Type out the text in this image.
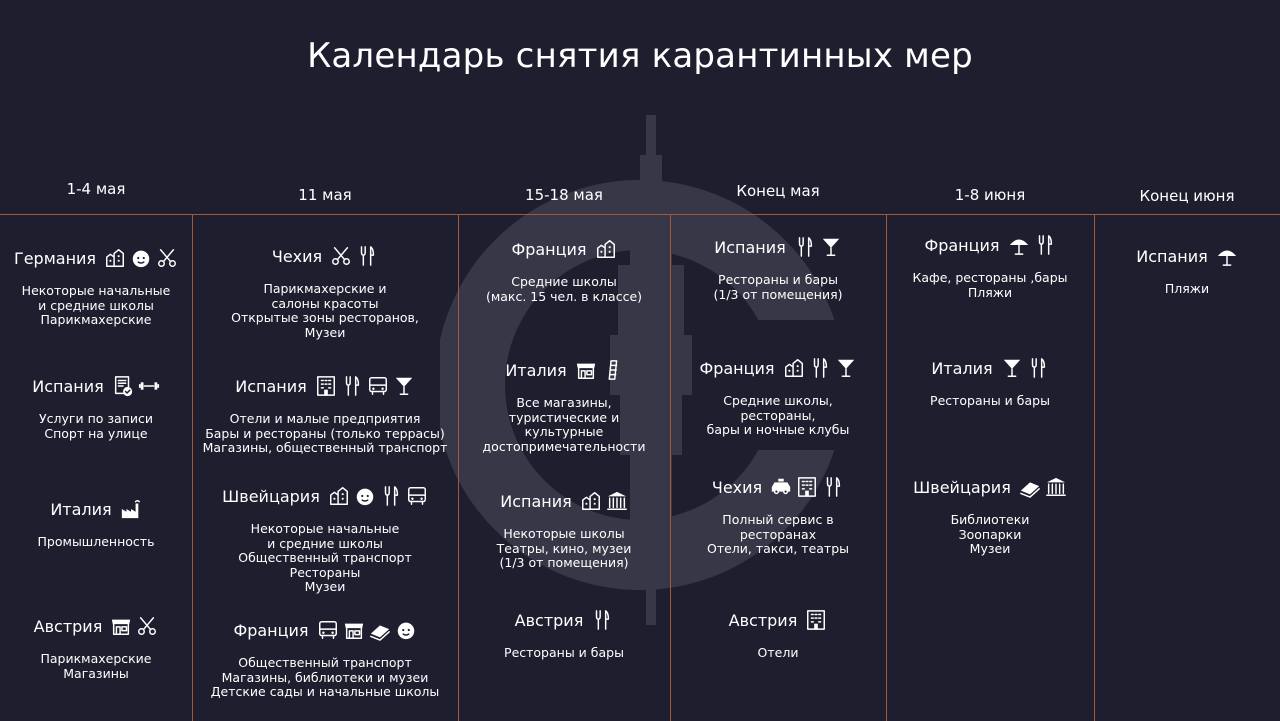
Календарь снятия карантинных мер
1-4 мая
Германия
Некоторые начальные
и средние школы
Парикмахерские
Испания
Услуги по записи
Спорт на улице
Италия
Промышленность
Австрия
Парикмахерские
Магазины
11 мая
Чехия
Парикмахерские и
салоны красоты
Открытые зоны ресторанов,
Музеи
Испания
Отели и малые предприятия
Бары и рестораны (только террасы)
Магазины, общественный транспорт
Швейцария
Некоторые начальные
и средние школы
Общественный транспорт
Рестораны
Музеи
Франция
Общественный транспорт
Магазины, библиотеки и музеи
Детские сады и начальные школы
15-18 мая
Франция
Средние школы
(макс. 15 чел. в классе)
Италия
Все магазины,
туристические и
культурные
достопримечательности
Испания
Некоторые школы
Театры, кино, музеи
(1/3 от помещения)
Австрия
Рестораны и бары
Конец мая
Испания
Рестораны и бары
(1/3 от помещения)
Франция
Средние школы,
рестораны,
бары и ночные клубы
Чехия
Полный сервис в
ресторанах
Отели, такси, театры
Австрия
Отели
1-8 июня
Франция
Кафе, рестораны ,бары
Пляжи
Италия
Рестораны и бары
Швейцария
Библиотеки
Зоопарки
Музеи
Конец июня
Испания
Пляжи
